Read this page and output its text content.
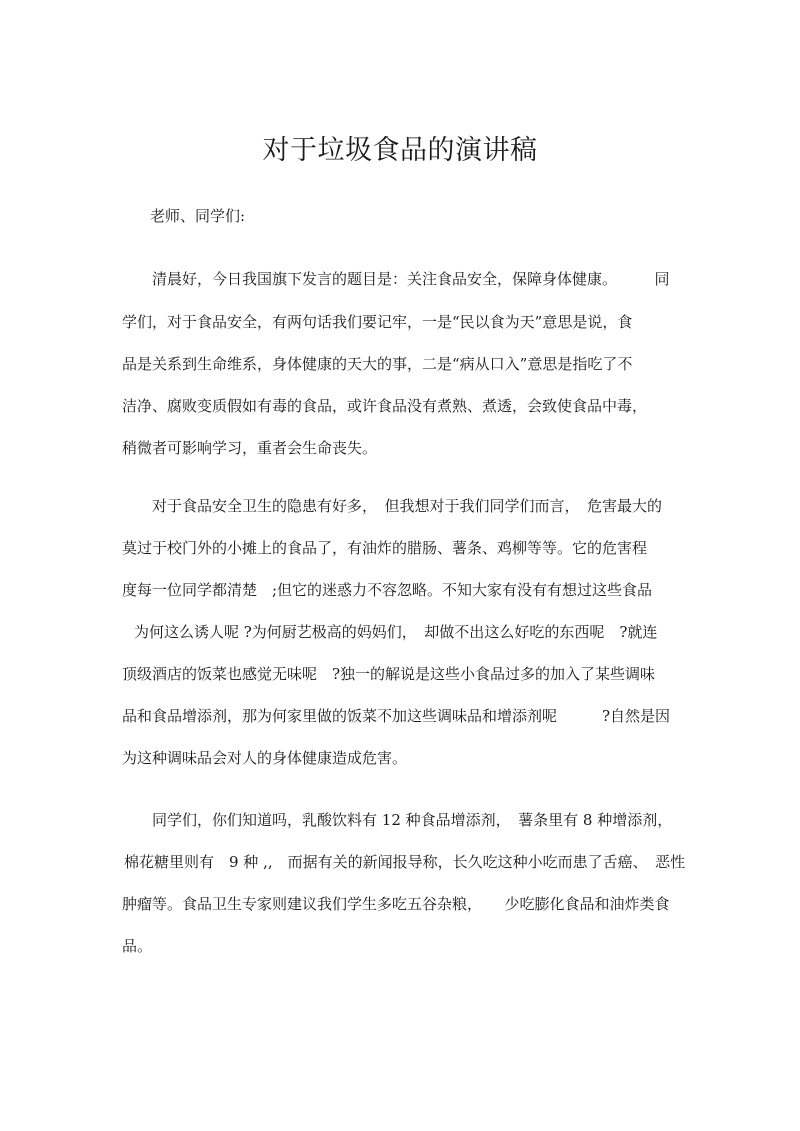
对于垃圾食品的演讲稿
老师、同学们:
清晨好，今日我国旗下发言的题目是：关注食品安全，保障身体健康。　　　同
学们，对于食品安全，有两句话我们要记牢，一是“民以食为天”意思是说，食
品是关系到生命维系，身体健康的天大的事，二是“病从口入”意思是指吃了不
洁净、腐败变质假如有毒的食品，或许食品没有煮熟、煮透，会致使食品中毒，
稍微者可影响学习，重者会生命丧失。
对于食品安全卫生的隐患有好多，　但我想对于我们同学们而言，　危害最大的
莫过于校门外的小摊上的食品了，有油炸的腊肠、薯条、鸡柳等等。它的危害程
度每一位同学都清楚　;但它的迷惑力不容忽略。不知大家有没有有想过这些食品
为何这么诱人呢 ?为何厨艺极高的妈妈们，　却做不出这么好吃的东西呢　?就连
顶级酒店的饭菜也感觉无味呢　?独一的解说是这些小食品过多的加入了某些调味
品和食品增添剂，那为何家里做的饭菜不加这些调味品和增添剂呢　　　?自然是因
为这种调味品会对人的身体健康造成危害。
同学们，你们知道吗，乳酸饮料有 12 种食品增添剂，　薯条里有 8 种增添剂，
棉花糖里则有　9 种 ,,　而据有关的新闻报导称，长久吃这种小吃而患了舌癌、　恶性
肿瘤等。食品卫生专家则建议我们学生多吃五谷杂粮，　　少吃膨化食品和油炸类食
品。
